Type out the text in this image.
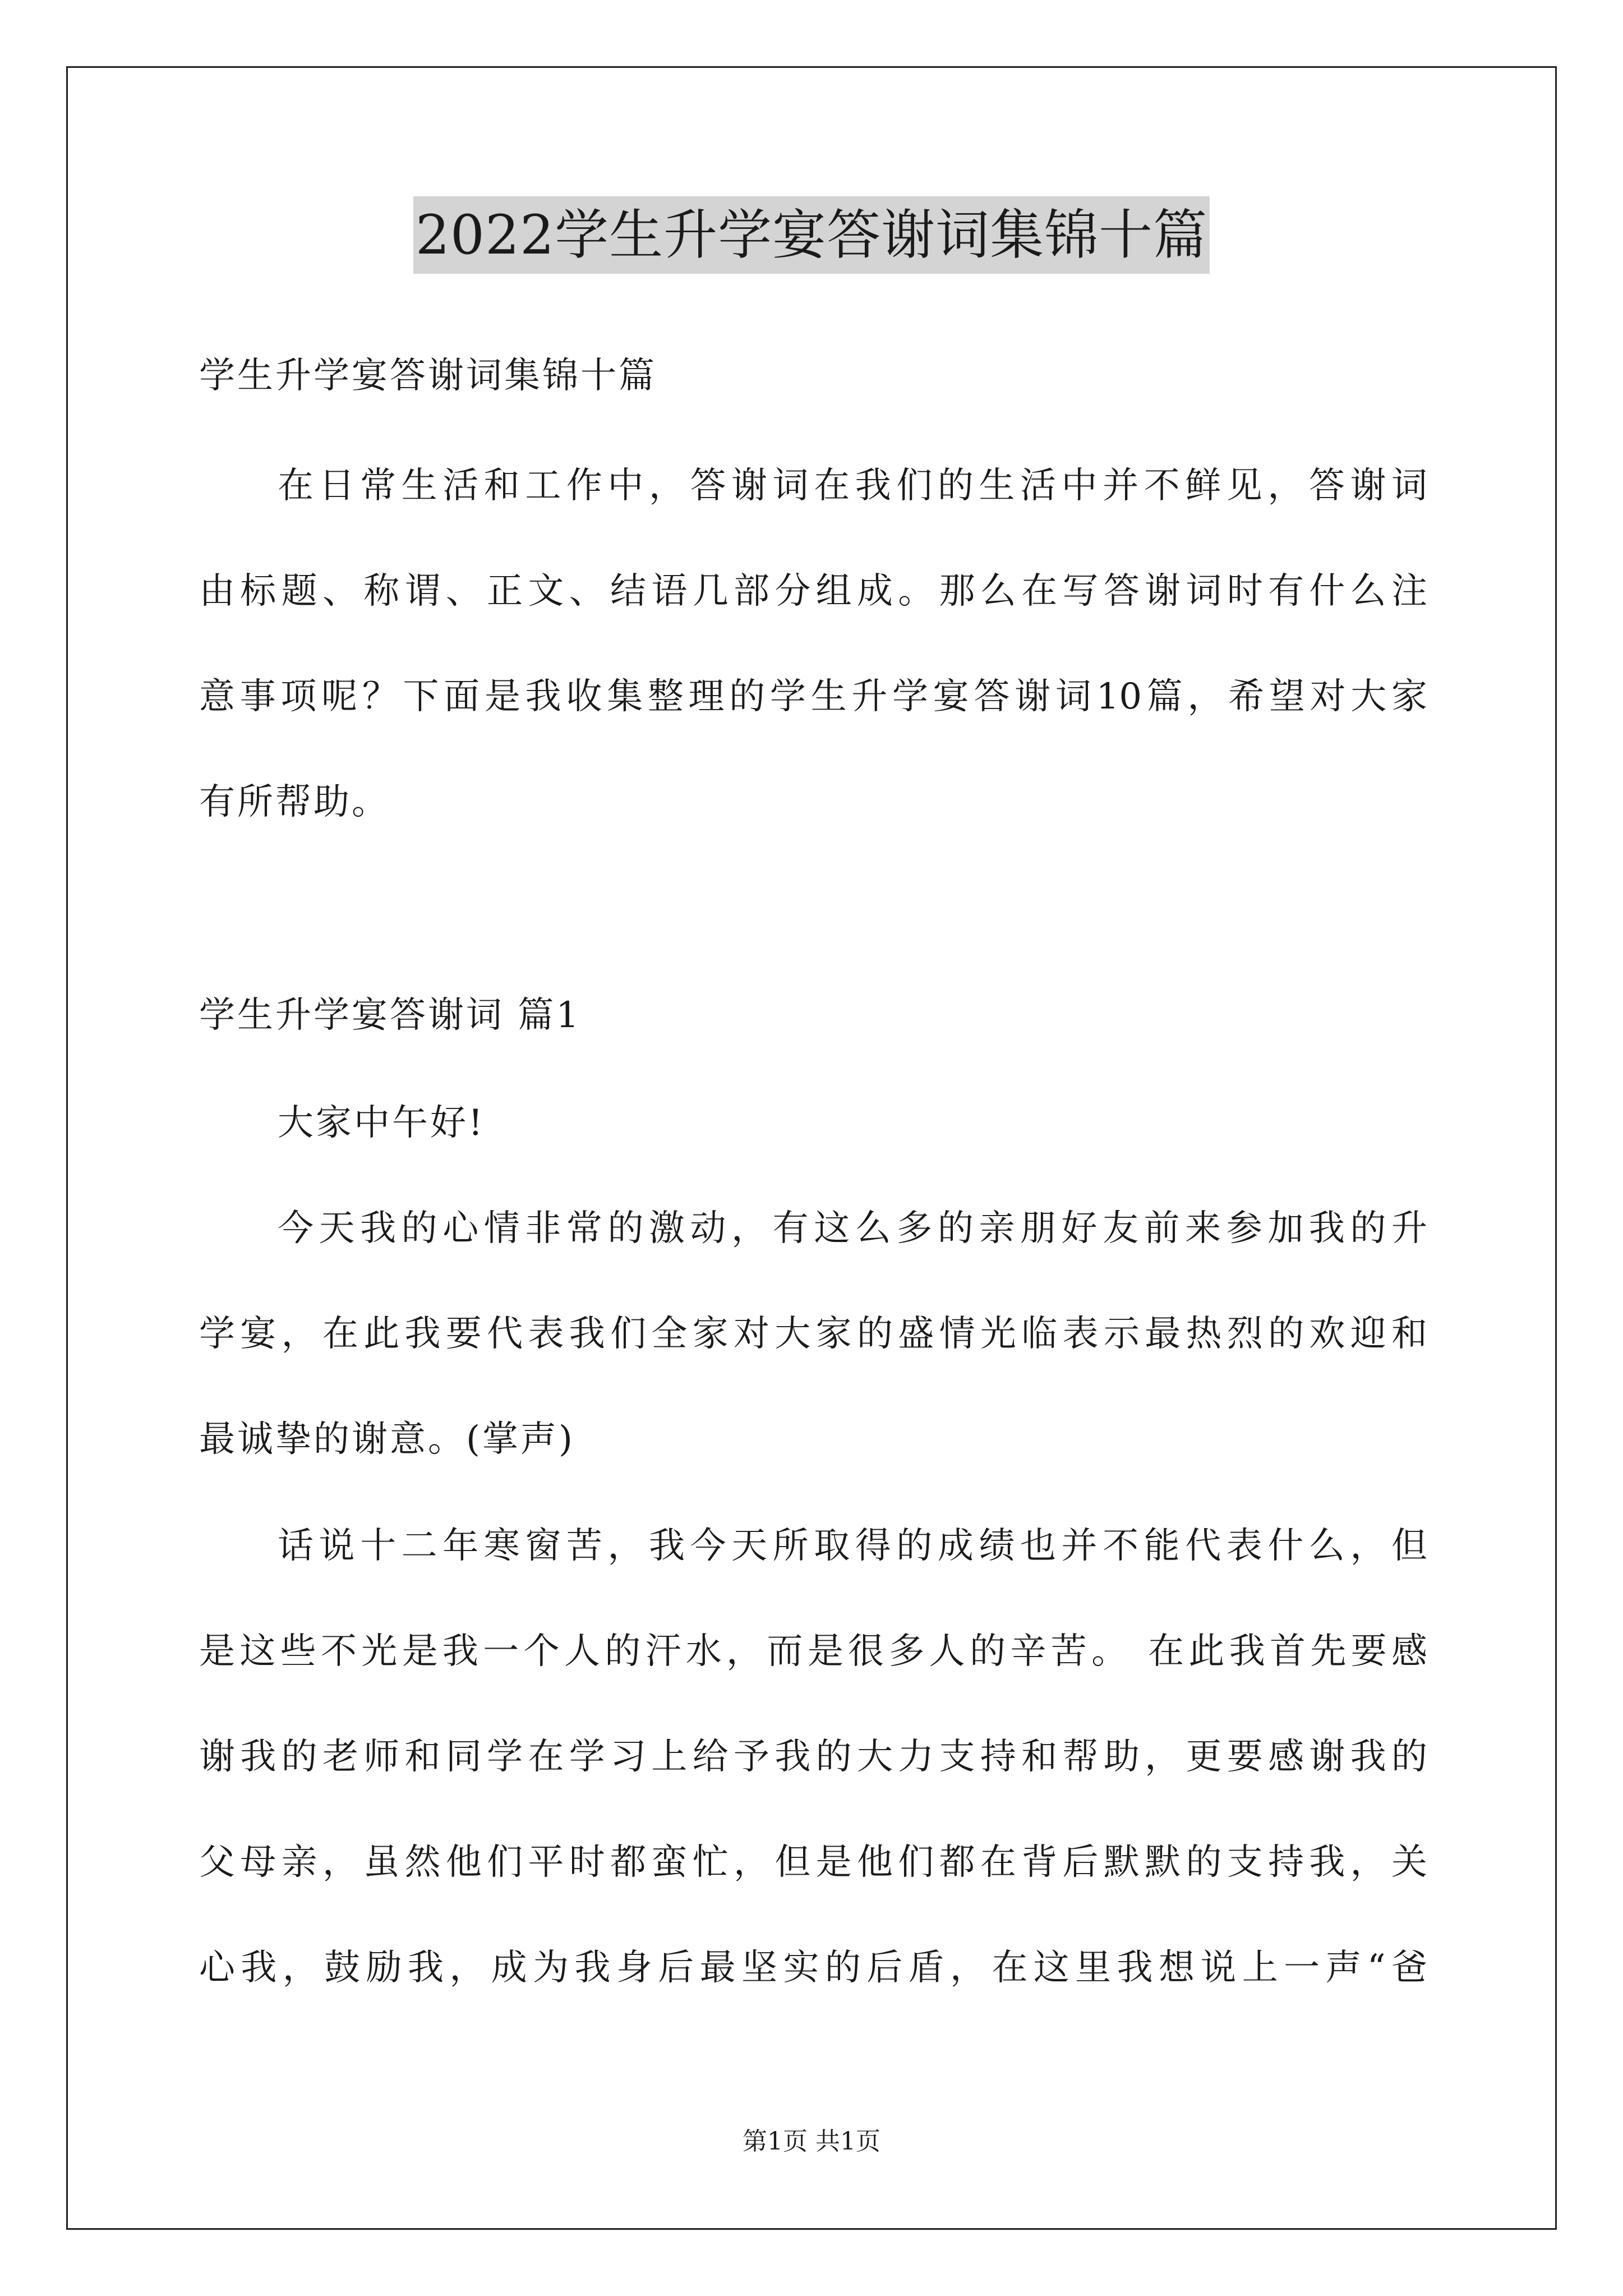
2022学生升学宴答谢词集锦十篇
学生升学宴答谢词集锦十篇
在日常生活和工作中，答谢词在我们的生活中并不鲜见，答谢词
由标题、称谓、正文、结语几部分组成。那么在写答谢词时有什么注
意事项呢？下面是我收集整理的学生升学宴答谢词10篇，希望对大家
有所帮助。
学生升学宴答谢词 篇1
大家中午好!
今天我的心情非常的激动，有这么多的亲朋好友前来参加我的升
学宴，在此我要代表我们全家对大家的盛情光临表示最热烈的欢迎和
最诚挚的谢意。(掌声)
话说十二年寒窗苦，我今天所取得的成绩也并不能代表什么，但
是这些不光是我一个人的汗水，而是很多人的辛苦。 在此我首先要感
谢我的老师和同学在学习上给予我的大力支持和帮助，更要感谢我的
父母亲，虽然他们平时都蛮忙，但是他们都在背后默默的支持我，关
心我，鼓励我，成为我身后最坚实的后盾，在这里我想说上一声“爸
第1页 共1页
